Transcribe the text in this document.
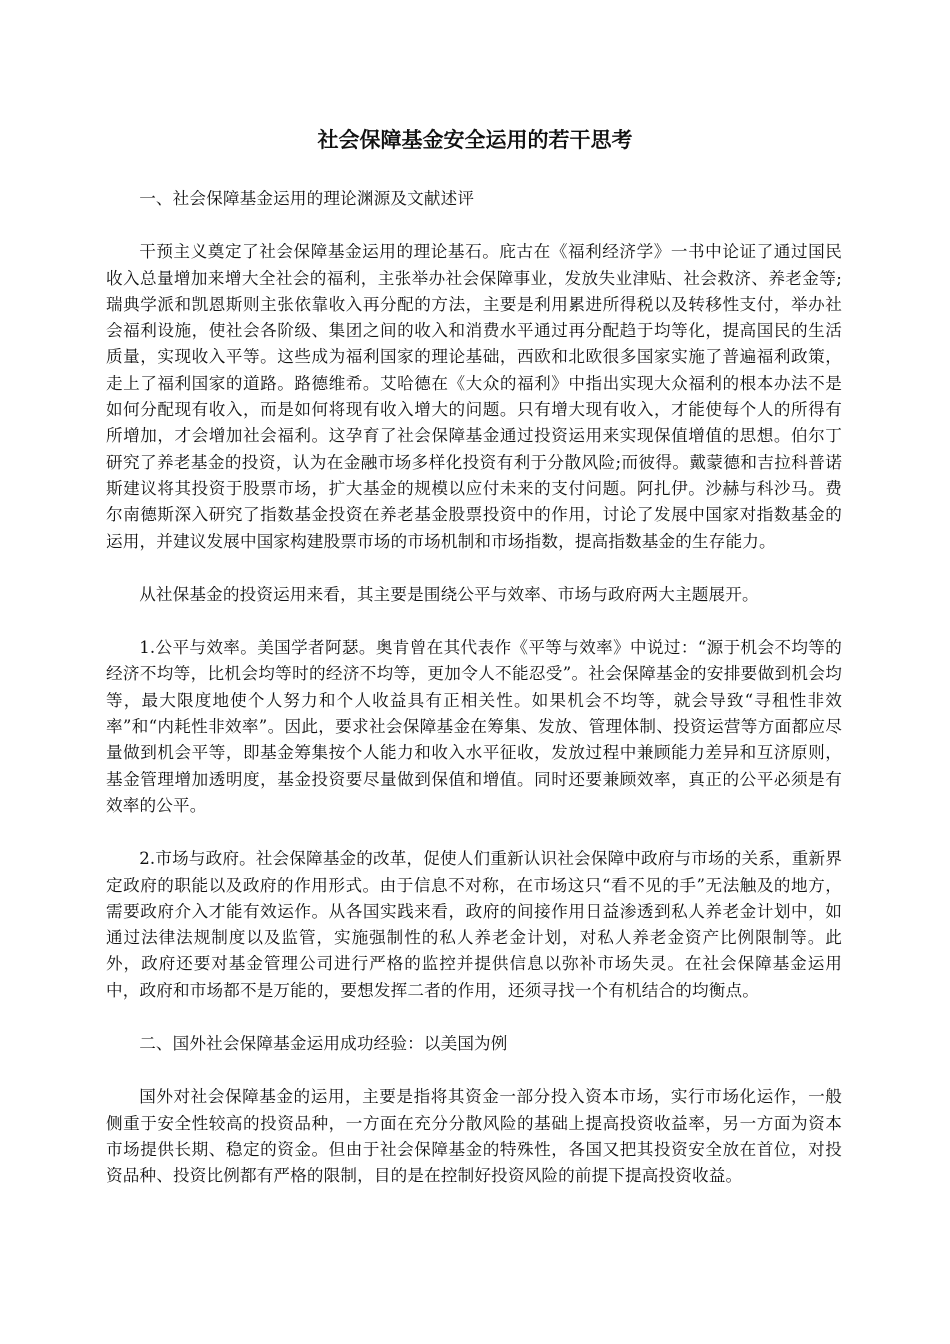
社会保障基金安全运用的若干思考

一、社会保障基金运用的理论渊源及文献述评

干预主义奠定了社会保障基金运用的理论基石。庇古在《福利经济学》一书中论证了通过国民收入总量增加来增大全社会的福利，主张举办社会保障事业，发放失业津贴、社会救济、养老金等;瑞典学派和凯恩斯则主张依靠收入再分配的方法，主要是利用累进所得税以及转移性支付，举办社会福利设施，使社会各阶级、集团之间的收入和消费水平通过再分配趋于均等化，提高国民的生活质量，实现收入平等。这些成为福利国家的理论基础，西欧和北欧很多国家实施了普遍福利政策，走上了福利国家的道路。路德维希。艾哈德在《大众的福利》中指出实现大众福利的根本办法不是如何分配现有收入，而是如何将现有收入增大的问题。只有增大现有收入，才能使每个人的所得有所增加，才会增加社会福利。这孕育了社会保障基金通过投资运用来实现保值增值的思想。伯尔丁研究了养老基金的投资，认为在金融市场多样化投资有利于分散风险;而彼得。戴蒙德和吉拉科普诺斯建议将其投资于股票市场，扩大基金的规模以应付未来的支付问题。阿扎伊。沙赫与科沙马。费尔南德斯深入研究了指数基金投资在养老基金股票投资中的作用，讨论了发展中国家对指数基金的运用，并建议发展中国家构建股票市场的市场机制和市场指数，提高指数基金的生存能力。

从社保基金的投资运用来看，其主要是围绕公平与效率、市场与政府两大主题展开。

1.公平与效率。美国学者阿瑟。奥肯曾在其代表作《平等与效率》中说过：“源于机会不均等的经济不均等，比机会均等时的经济不均等，更加令人不能忍受”。社会保障基金的安排要做到机会均等，最大限度地使个人努力和个人收益具有正相关性。如果机会不均等，就会导致“寻租性非效率”和“内耗性非效率”。因此，要求社会保障基金在筹集、发放、管理体制、投资运营等方面都应尽量做到机会平等，即基金筹集按个人能力和收入水平征收，发放过程中兼顾能力差异和互济原则，基金管理增加透明度，基金投资要尽量做到保值和增值。同时还要兼顾效率，真正的公平必须是有效率的公平。

2.市场与政府。社会保障基金的改革，促使人们重新认识社会保障中政府与市场的关系，重新界定政府的职能以及政府的作用形式。由于信息不对称，在市场这只“看不见的手”无法触及的地方，需要政府介入才能有效运作。从各国实践来看，政府的间接作用日益渗透到私人养老金计划中，如通过法律法规制度以及监管，实施强制性的私人养老金计划，对私人养老金资产比例限制等。此外，政府还要对基金管理公司进行严格的监控并提供信息以弥补市场失灵。在社会保障基金运用中，政府和市场都不是万能的，要想发挥二者的作用，还须寻找一个有机结合的均衡点。

二、国外社会保障基金运用成功经验：以美国为例

国外对社会保障基金的运用，主要是指将其资金一部分投入资本市场，实行市场化运作，一般侧重于安全性较高的投资品种，一方面在充分分散风险的基础上提高投资收益率，另一方面为资本市场提供长期、稳定的资金。但由于社会保障基金的特殊性，各国又把其投资安全放在首位，对投资品种、投资比例都有严格的限制，目的是在控制好投资风险的前提下提高投资收益。
